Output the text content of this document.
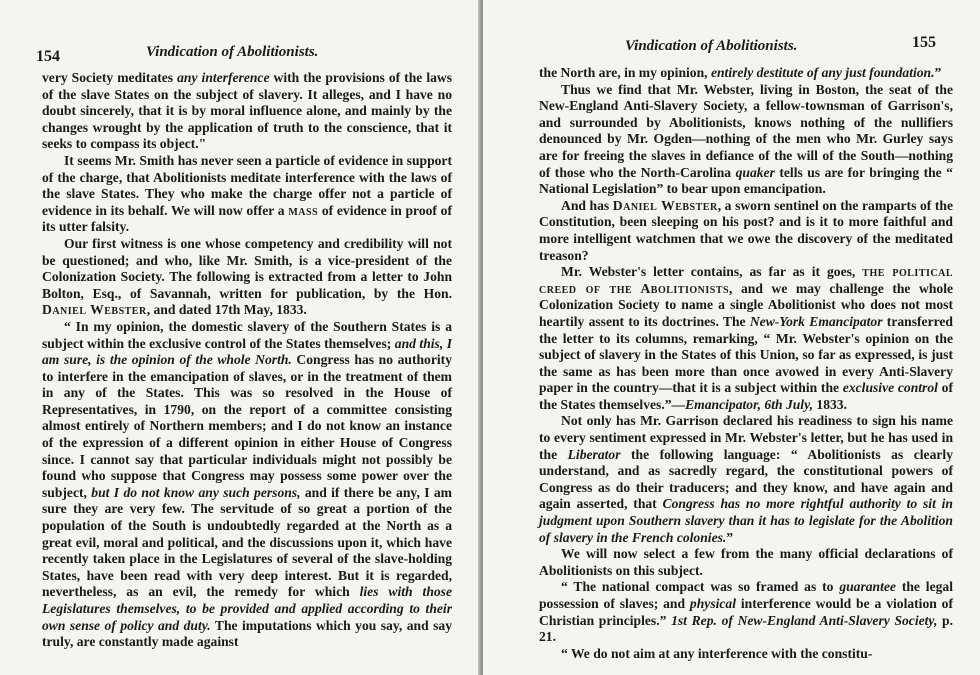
154	Vindication of Abolitionists.

very Society meditates any interference with the provisions of the laws of the slave States on the subject of slavery. It alleges, and I have no doubt sincerely, that it is by moral influence alone, and mainly by the changes wrought by the application of truth to the conscience, that it seeks to compass its object."

It seems Mr. Smith has never seen a particle of evidence in support of the charge, that Abolitionists meditate interference with the laws of the slave States. They who make the charge offer not a particle of evidence in its behalf. We will now offer a mass of evidence in proof of its utter falsity.

Our first witness is one whose competency and credibility will not be questioned; and who, like Mr. Smith, is a vice-president of the Colonization Society. The following is extracted from a letter to John Bolton, Esq., of Savannah, written for publication, by the Hon. Daniel Webster, and dated 17th May, 1833.

“ In my opinion, the domestic slavery of the Southern States is a subject within the exclusive control of the States themselves; and this, I am sure, is the opinion of the whole North. Congress has no authority to interfere in the emancipation of slaves, or in the treatment of them in any of the States. This was so resolved in the House of Representatives, in 1790, on the report of a committee consisting almost entirely of Northern members; and I do not know an instance of the expression of a different opinion in either House of Congress since. I cannot say that particular individuals might not possibly be found who suppose that Congress may possess some power over the subject, but I do not know any such persons, and if there be any, I am sure they are very few. The servitude of so great a portion of the population of the South is undoubtedly regarded at the North as a great evil, moral and political, and the discussions upon it, which have recently taken place in the Legislatures of several of the slave-holding States, have been read with very deep interest. But it is regarded, nevertheless, as an evil, the remedy for which lies with those Legislatures themselves, to be provided and applied according to their own sense of policy and duty. The imputations which you say, and say truly, are constantly made against

Vindication of Abolitionists.	155

the North are, in my opinion, entirely destitute of any just foundation.”

Thus we find that Mr. Webster, living in Boston, the seat of the New-England Anti-Slavery Society, a fellow-townsman of Garrison's, and surrounded by Abolitionists, knows nothing of the nullifiers denounced by Mr. Ogden—nothing of the men who Mr. Gurley says are for freeing the slaves in defiance of the will of the South—nothing of those who the North-Carolina quaker tells us are for bringing the “ National Legislation” to bear upon emancipation.

And has Daniel Webster, a sworn sentinel on the ramparts of the Constitution, been sleeping on his post? and is it to more faithful and more intelligent watchmen that we owe the discovery of the meditated treason?

Mr. Webster's letter contains, as far as it goes, the political creed of the Abolitionists, and we may challenge the whole Colonization Society to name a single Abolitionist who does not most heartily assent to its doctrines. The New-York Emancipator transferred the letter to its columns, remarking, “ Mr. Webster's opinion on the subject of slavery in the States of this Union, so far as expressed, is just the same as has been more than once avowed in every Anti-Slavery paper in the country—that it is a subject within the exclusive control of the States themselves.”—Emancipator, 6th July, 1833.

Not only has Mr. Garrison declared his readiness to sign his name to every sentiment expressed in Mr. Webster's letter, but he has used in the Liberator the following language: “ Abolitionists as clearly understand, and as sacredly regard, the constitutional powers of Congress as do their traducers; and they know, and have again and again asserted, that Congress has no more rightful authority to sit in judgment upon Southern slavery than it has to legislate for the Abolition of slavery in the French colonies.”

We will now select a few from the many official declarations of Abolitionists on this subject.

“ The national compact was so framed as to guarantee the legal possession of slaves; and physical interference would be a violation of Christian principles.” 1st Rep. of New-England Anti-Slavery Society, p. 21.

“ We do not aim at any interference with the constitu-
